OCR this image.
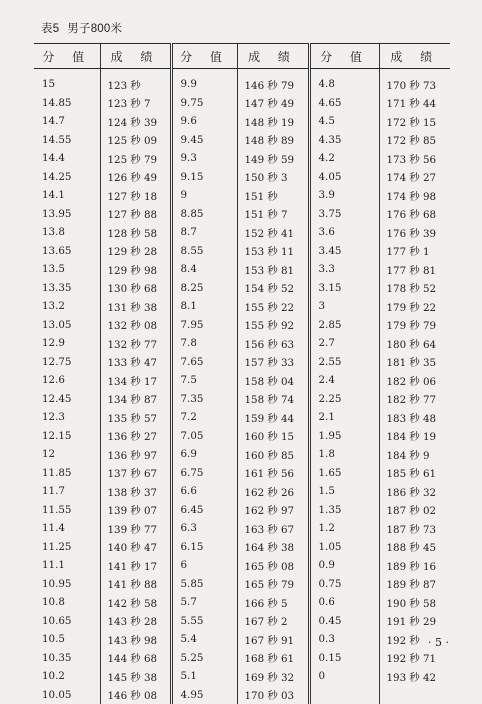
表5 男子800米
分 值	成 绩	分 值	成 绩	分 值	成 绩
15	123 秒	9.9	146 秒 79	4.8	170 秒 73
14.85	123 秒 7	9.75	147 秒 49	4.65	171 秒 44
14.7	124 秒 39	9.6	148 秒 19	4.5	172 秒 15
14.55	125 秒 09	9.45	148 秒 89	4.35	172 秒 85
14.4	125 秒 79	9.3	149 秒 59	4.2	173 秒 56
14.25	126 秒 49	9.15	150 秒 3	4.05	174 秒 27
14.1	127 秒 18	9	151 秒	3.9	174 秒 98
13.95	127 秒 88	8.85	151 秒 7	3.75	176 秒 68
13.8	128 秒 58	8.7	152 秒 41	3.6	176 秒 39
13.65	129 秒 28	8.55	153 秒 11	3.45	177 秒 1
13.5	129 秒 98	8.4	153 秒 81	3.3	177 秒 81
13.35	130 秒 68	8.25	154 秒 52	3.15	178 秒 52
13.2	131 秒 38	8.1	155 秒 22	3	179 秒 22
13.05	132 秒 08	7.95	155 秒 92	2.85	179 秒 79
12.9	132 秒 77	7.8	156 秒 63	2.7	180 秒 64
12.75	133 秒 47	7.65	157 秒 33	2.55	181 秒 35
12.6	134 秒 17	7.5	158 秒 04	2.4	182 秒 06
12.45	134 秒 87	7.35	158 秒 74	2.25	182 秒 77
12.3	135 秒 57	7.2	159 秒 44	2.1	183 秒 48
12.15	136 秒 27	7.05	160 秒 15	1.95	184 秒 19
12	136 秒 97	6.9	160 秒 85	1.8	184 秒 9
11.85	137 秒 67	6.75	161 秒 56	1.65	185 秒 61
11.7	138 秒 37	6.6	162 秒 26	1.5	186 秒 32
11.55	139 秒 07	6.45	162 秒 97	1.35	187 秒 02
11.4	139 秒 77	6.3	163 秒 67	1.2	187 秒 73
11.25	140 秒 47	6.15	164 秒 38	1.05	188 秒 45
11.1	141 秒 17	6	165 秒 08	0.9	189 秒 16
10.95	141 秒 88	5.85	165 秒 79	0.75	189 秒 87
10.8	142 秒 58	5.7	166 秒 5	0.6	190 秒 58
10.65	143 秒 28	5.55	167 秒 2	0.45	191 秒 29
10.5	143 秒 98	5.4	167 秒 91	0.3	192 秒
10.35	144 秒 68	5.25	168 秒 61	0.15	192 秒 71
10.2	145 秒 38	5.1	169 秒 32	0	193 秒 42
10.05	146 秒 08	4.95	170 秒 03		
· 5 ·
